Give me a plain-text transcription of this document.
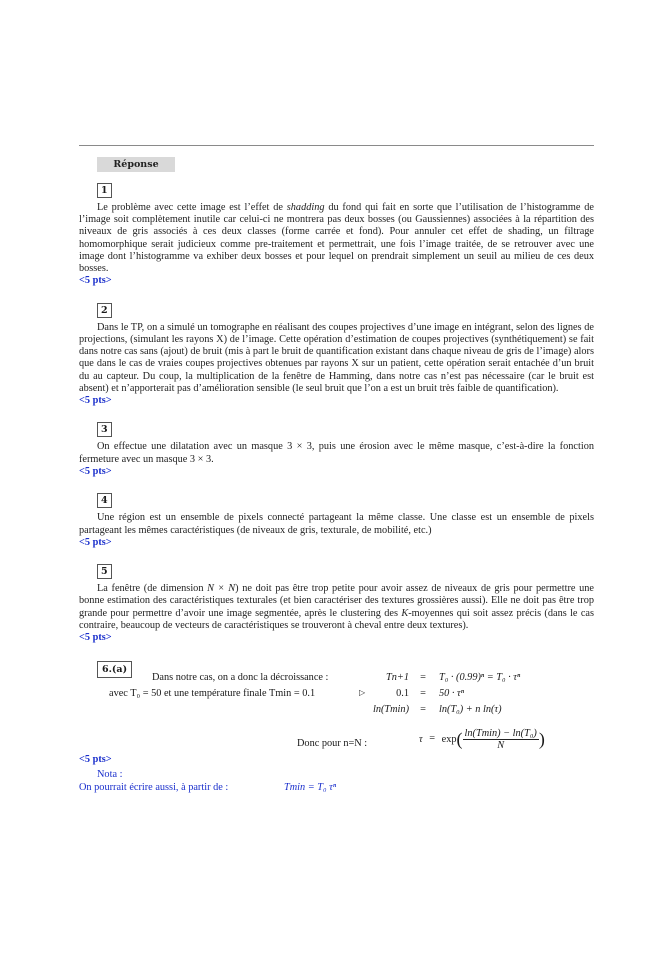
Réponse
1

Le problème avec cette image est l’effet de shadding du fond qui fait en sorte que l’utilisation de l’histogramme de l’image soit complètement inutile car celui-ci ne montrera pas deux bosses (ou Gaussiennes) associées à la répartition des niveaux de gris associés à ces deux classes (forme carrée et fond). Pour annuler cet effet de shading, un filtrage homomorphique serait judicieux comme pre-traitement et permettrait, une fois l’image traitée, de se retrouver avec une image dont l’histogramme va exhiber deux bosses et pour lequel on prendrait simplement un seuil au milieu de ces deux bosses.

<5 pts>
2

Dans le TP, on a simulé un tomographe en réalisant des coupes projectives d’une image en intégrant, selon des lignes de projections, (simulant les rayons X) de l’image. Cette opération d’estimation de coupes projectives (synthétiquement) se fait dans notre cas sans (ajout) de bruit (mis à part le bruit de quantification existant dans chaque niveau de gris de l’image) alors que dans le cas de vraies coupes projectives obtenues par rayons X sur un patient, cette opération serait entachée d’un bruit du au capteur. Du coup, la multiplication de la fenêtre de Hamming, dans notre cas n’est pas nécessaire (car le bruit est absent) et n’apporterait pas d’amélioration sensible (le seul bruit que l’on a est un bruit très faible de quantification).

<5 pts>
3

On effectue une dilatation avec un masque 3 × 3, puis une érosion avec le même masque, c’est-à-dire la fonction fermeture avec un masque 3 × 3.

<5 pts>
4

Une région est un ensemble de pixels connecté partageant la même classe. Une classe est un ensemble de pixels partageant les mêmes caractéristiques (de niveaux de gris, texturale, de mobilité, etc.)

<5 pts>
5

La fenêtre (de dimension N × N) ne doit pas être trop petite pour avoir assez de niveaux de gris pour permettre une bonne estimation des caractéristiques texturales (et bien caractériser des textures grossières aussi). Elle ne doit pas être trop grande pour permettre d’avoir une image segmentée, après le clustering des K-moyennes qui soit assez précis (dans le cas contraire, beaucoup de vecteurs de caractéristiques se trouveront à cheval entre deux textures).

<5 pts>
6.(a)
Dans notre cas, on a donc la décroissance :
avec T₀ = 50 et une température finale Tmin = 0.1	▷
Tn+1	=	T₀ · (0.99)ⁿ = T₀ · τⁿ
0.1	=	50 · τⁿ
ln(Tmin)	=	ln(T₀) + n ln(τ)
Donc pour n=N :	$\tau = \exp( \frac{\text{ln(Tmin) − ln(T₀)}}{N}$ )
<5 pts>
Nota :
On pourrait écrire aussi, à partir de :	Tmin = T₀ τⁿ
